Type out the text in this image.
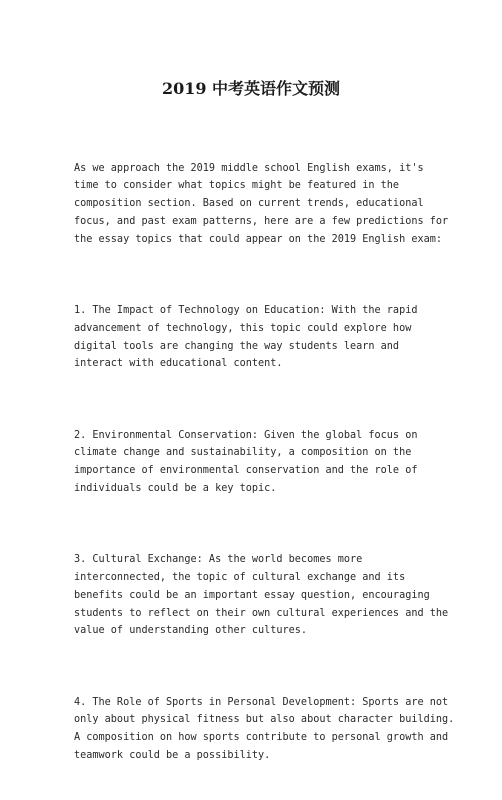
2019 中考英语作文预测

As we approach the 2019 middle school English exams, it's
time to consider what topics might be featured in the
composition section. Based on current trends, educational
focus, and past exam patterns, here are a few predictions for
the essay topics that could appear on the 2019 English exam:

1. The Impact of Technology on Education: With the rapid
advancement of technology, this topic could explore how
digital tools are changing the way students learn and
interact with educational content.

2. Environmental Conservation: Given the global focus on
climate change and sustainability, a composition on the
importance of environmental conservation and the role of
individuals could be a key topic.

3. Cultural Exchange: As the world becomes more
interconnected, the topic of cultural exchange and its
benefits could be an important essay question, encouraging
students to reflect on their own cultural experiences and the
value of understanding other cultures.

4. The Role of Sports in Personal Development: Sports are not
only about physical fitness but also about character building.
A composition on how sports contribute to personal growth and
teamwork could be a possibility.
